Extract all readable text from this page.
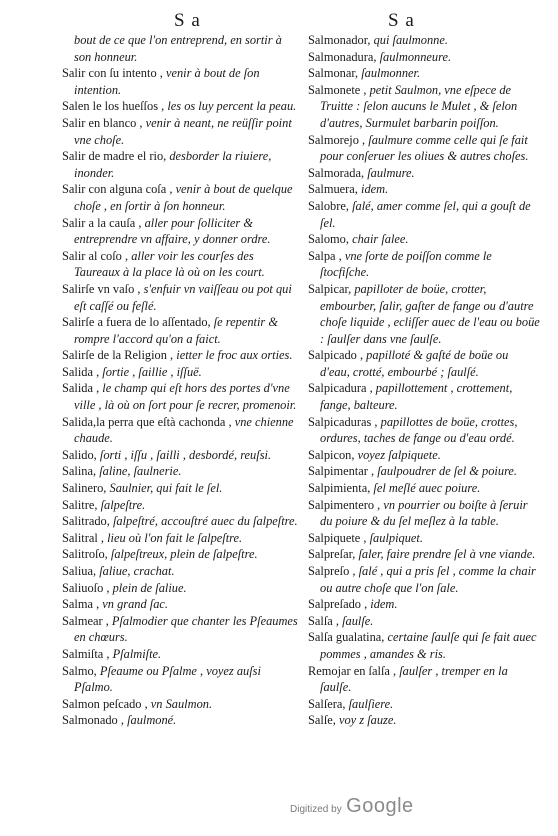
S a	S a

bout de ce que l'on entreprend, en sortir à son honneur.

Salir con ſu intento , venir à bout de ſon intention.

Salen le los hueſſos , les os luy percent la peau.

Salir en blanco , venir à neant, ne reüſſir point vne choſe.

Salir de madre el rio, desborder la riuiere, inonder.

Salir con alguna coſa , venir à bout de quelque choſe , en ſortir à ſon honneur.

Salir a la cauſa , aller pour ſolliciter & entreprendre vn affaire, y donner ordre.

Salir al coſo , aller voir les courſes des Taureaux à la place là où on les court.

Salirſe vn vaſo , s'enfuir vn vaiſſeau ou pot qui eſt caſſé ou feſlé.

Salirſe a fuera de lo aſſentado, ſe repentir & rompre l'accord qu'on a faict.

Salirſe de la Religion , ietter le froc aux orties.

Salida , ſortie , ſaillie , iſſuë.

Salida , le champ qui eſt hors des portes d'vne ville , là où on ſort pour ſe recrer, promenoir.

Salida,la perra que eſtà cachonda , vne chienne chaude.

Salido, ſorti , iſſu , ſailli , desbordé, reuſsi.

Salina, ſaline, ſaulnerie.

Salinero, Saulnier, qui fait le ſel.

Salitre, ſalpeſtre.

Salitrado, ſalpeſtré, accouſtré auec du ſalpeſtre.

Salitral , lieu où l'on fait le ſalpeſtre.

Salitroſo, ſalpeſtreux, plein de ſalpeſtre.

Saliua, ſaliue, crachat.

Saliuoſo , plein de ſaliue.

Salma , vn grand ſac.

Salmear , Pſalmodier que chanter les Pſeaumes en chœurs.

Salmiſta , Pſalmiſte.

Salmo, Pſeaume ou Pſalme , voyez auſsi Pſalmo.

Salmon peſcado , vn Saulmon.

Salmonado , ſaulmoné.

Salmonador, qui ſaulmonne.

Salmonadura, ſaulmonneure.

Salmonar, ſaulmonner.

Salmonete , petit Saulmon, vne eſpece de Truitte : ſelon aucuns le Mulet , & ſelon d'autres, Surmulet barbarin poiſſon.

Salmorejo , ſaulmure comme celle qui ſe fait pour conſeruer les oliues & autres choſes.

Salmorada, ſaulmure.

Salmuera, idem.

Salobre, ſalé, amer comme ſel, qui a gouſt de ſel.

Salomo, chair ſalee.

Salpa , vne ſorte de poiſſon comme le ſtocfiſche.

Salpicar, papilloter de boüe, crotter, embourber, ſalir, gaſter de fange ou d'autre choſe liquide , ecliſſer auec de l'eau ou boüe : ſaulſer dans vne ſaulſe.

Salpicado , papilloté & gaſté de boüe ou d'eau, crotté, embourbé ; ſaulſé.

Salpicadura , papillottement , crottement, fange, balteure.

Salpicaduras , papillottes de boüe, crottes, ordures, taches de fange ou d'eau ordé.

Salpicon, voyez ſalpiquete.

Salpimentar , ſaulpoudrer de ſel & poiure.

Salpimienta, ſel meſlé auec poiure.

Salpimentero , vn pourrier ou boiſte à ſeruir du poiure & du ſel meſlez à la table.

Salpiquete , ſaulpiquet.

Salpreſar, ſaler, faire prendre ſel à vne viande.

Salpreſo , ſalé , qui a pris ſel , comme la chair ou autre choſe que l'on ſale.

Salpreſado , idem.

Salſa , ſaulſe.

Salſa gualatina, certaine ſaulſe qui ſe fait auec pommes , amandes & ris.

Remojar en ſalſa , ſaulſer , tremper en la ſaulſe.

Salſera, ſaulſiere.

Salſe, voy z ſauze.

Digitized by Google
